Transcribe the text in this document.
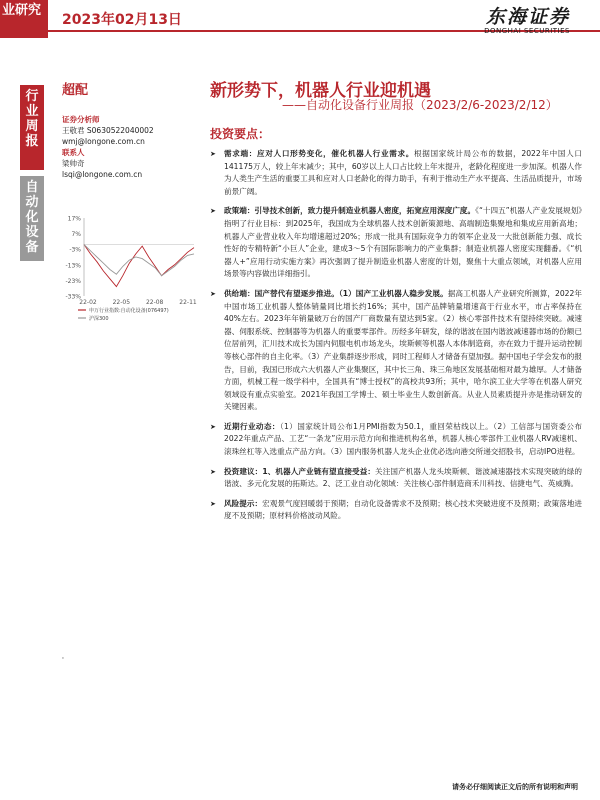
业研究
2023年02月13日	东海证券
DONGHAI SECURITIES
行业周报
自动化设备
超配
证券分析师
王敬君 S0630522040002
wmj@longone.com.cn
联系人
梁帅奇
lsqi@longone.com.cn
17%
7%
-3%
-13%
-23%
-33%
22-02	22-05	22-08	22-11
申万行业指数:自动化设备(076497)
沪深300
新形势下，机器人行业迎机遇
——自动化设备行业周报（2023/2/6-2023/2/12）
投资要点：
➤ 需求端：应对人口形势变化，催化机器人行业需求。根据国家统计局公布的数据，2022年中国人口141175万人，较上年末减少；其中，60岁以上人口占比较上年末提升，老龄化程度进一步加深。机器人作为人类生产生活的重要工具和应对人口老龄化的得力助手，有利于推动生产水平提高、生活品质提升，市场前景广阔。
➤ 政策端：引导技术创新，致力提升制造业机器人密度，拓宽应用深度广度。《“十四五”机器人产业发展规划》指明了行业目标：到2025年，我国成为全球机器人技术创新策源地、高端制造集聚地和集成应用新高地；机器人产业营业收入年均增速超过20%；形成一批具有国际竞争力的领军企业及一大批创新能力强、成长性好的专精特新“小巨人”企业，建成3～5个有国际影响力的产业集群；制造业机器人密度实现翻番。《“机器人+”应用行动实施方案》再次强调了提升制造业机器人密度的计划，聚焦十大重点领域，对机器人应用场景等内容做出详细指引。
➤ 供给端：国产替代有望逐步推进。（1）国产工业机器人稳步发展。据高工机器人产业研究所测算，2022年中国市场工业机器人整体销量同比增长约16%；其中，国产品牌销量增速高于行业水平，市占率保持在40%左右。2023年年销量破万台的国产厂商数量有望达到5家。（2）核心零部件技术有望持续突破。减速器、伺服系统、控制器等为机器人的重要零部件。历经多年研发，绿的谐波在国内谐波减速器市场的份额已位居前列，汇川技术成长为国内伺服电机市场龙头，埃斯顿等机器人本体制造商，亦在致力于提升运动控制等核心部件的自主化率。（3）产业集群逐步形成，同时工程师人才储备有望加强。据中国电子学会发布的报告，目前，我国已形成六大机器人产业集聚区，其中长三角、珠三角地区发展基础相对最为雄厚。人才储备方面，机械工程一级学科中，全国具有“博士授权”的高校共93所；其中，哈尔滨工业大学等在机器人研究领域设有重点实验室。2021年我国工学博士、硕士毕业生人数创新高。从业人员素质提升亦是推动研发的关键因素。
➤ 近期行业动态：（1）国家统计局公布1月PMI指数为50.1，重回荣枯线以上。（2）工信部与国资委公布2022年重点产品、工艺“一条龙”应用示范方向和推进机构名单，机器人核心零部件工业机器人RV减速机、滚珠丝杠等入选重点产品方向。（3）国内服务机器人龙头企业优必选向港交所递交招股书，启动IPO进程。
➤ 投资建议：1、机器人产业链有望直接受益：关注国产机器人龙头埃斯顿、谐波减速器技术实现突破的绿的谐波、多元化发展的拓斯达。2、泛工业自动化领域：关注核心部件制造商禾川科技、信捷电气、英威腾。
➤ 风险提示：宏观景气度回暖弱于预期；自动化设备需求不及预期；核心技术突破进度不及预期；政策落地进度不及预期；原材料价格波动风险。
'
请务必仔细阅读正文后的所有说明和声明
